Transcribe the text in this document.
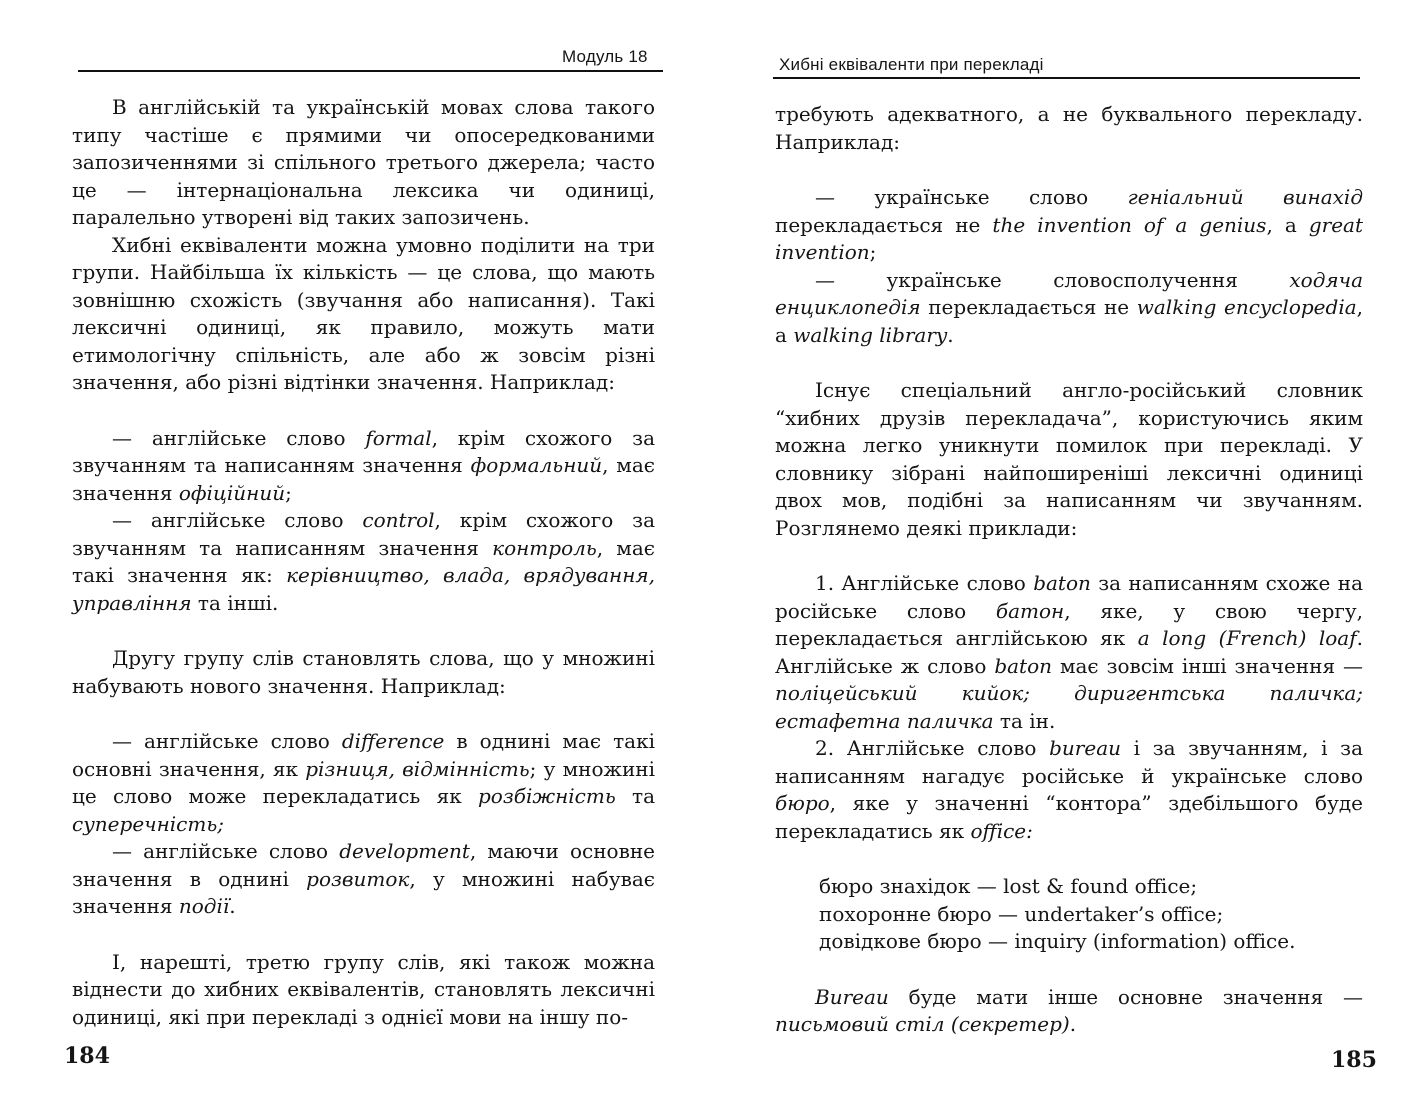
Модуль 18

В англійській та українській мовах слова такого типу частіше є прямими чи опосередкованими запозиченнями зі спільного третього джерела; часто це — інтернаціональна лексика чи одиниці, паралельно утворені від таких запозичень.

Хибні еквіваленти можна умовно поділити на три групи. Найбільша їх кількість — це слова, що мають зовнішню схожість (звучання або написання). Такі лексичні одиниці, як правило, можуть мати етимологічну спільність, але або ж зовсім різні значення, або різні відтінки значення. Наприклад:

— англійське слово formal, крім схожого за звучанням та написанням значення формальний, має значення офіційний;

— англійське слово control, крім схожого за звучанням та написанням значення контроль, має такі значення як: керівництво, влада, врядування, управління та інші.

Другу групу слів становлять слова, що у множині набувають нового значення. Наприклад:

— англійське слово difference в однині має такі основні значення, як різниця, відмінність; у множині це слово може перекладатись як розбіжність та суперечність;

— англійське слово development, маючи основне значення в однині розвиток, у множині набуває значення події.

І, нарешті, третю групу слів, які також можна віднести до хибних еквівалентів, становлять лексичні одиниці, які при перекладі з однієї мови на іншу по-

184
Хибні еквіваленти при перекладі

требують адекватного, а не буквального перекладу. Наприклад:

— українське слово геніальний винахід перекладається не the invention of a genius, а great invention;

— українське словосполучення ходяча енциклопедія перекладається не walking encyclopedia, а walking library.

Існує спеціальний англо-російський словник “хибних друзів перекладача”, користуючись яким можна легко уникнути помилок при перекладі. У словнику зібрані найпоширеніші лексичні одиниці двох мов, подібні за написанням чи звучанням. Розглянемо деякі приклади:

1. Англійське слово baton за написанням схоже на російське слово батон, яке, у свою чергу, перекладається англійською як a long (French) loaf. Англійське ж слово baton має зовсім інші значення — поліцейський кийок; диригентська паличка; естафетна паличка та ін.

2. Англійське слово bureau і за звучанням, і за написанням нагадує російське й українське слово бюро, яке у значенні “контора” здебільшого буде перекладатись як office:

бюро знахідок — lost & found office;

похоронне бюро — undertaker’s office;

довідкове бюро — inquiry (information) office.

Bureau буде мати інше основне значення — письмовий стіл (секретер).

185
